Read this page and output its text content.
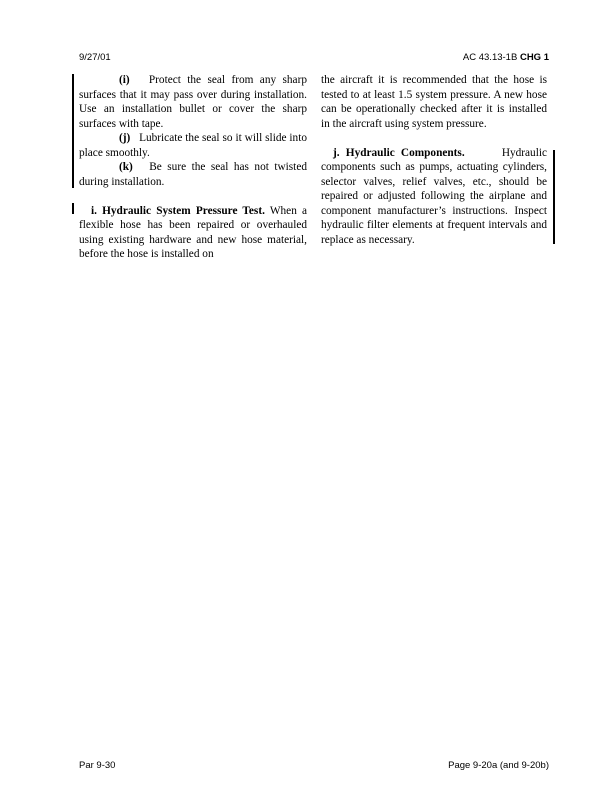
9/27/01	AC 43.13-1B CHG 1

(i) Protect the seal from any sharp surfaces that it may pass over during installation. Use an installation bullet or cover the sharp surfaces with tape.

(j) Lubricate the seal so it will slide into place smoothly.

(k) Be sure the seal has not twisted during installation.

i. Hydraulic System Pressure Test. When a flexible hose has been repaired or overhauled using existing hardware and new hose material, before the hose is installed on

the aircraft it is recommended that the hose is tested to at least 1.5 system pressure. A new hose can be operationally checked after it is installed in the aircraft using system pressure.

j. Hydraulic Components.	Hydraulic components such as pumps, actuating cylinders, selector valves, relief valves, etc., should be repaired or adjusted following the airplane and component manufacturer’s instructions. Inspect hydraulic filter elements at frequent intervals and replace as necessary.

Par 9-30	Page 9-20a (and 9-20b)
